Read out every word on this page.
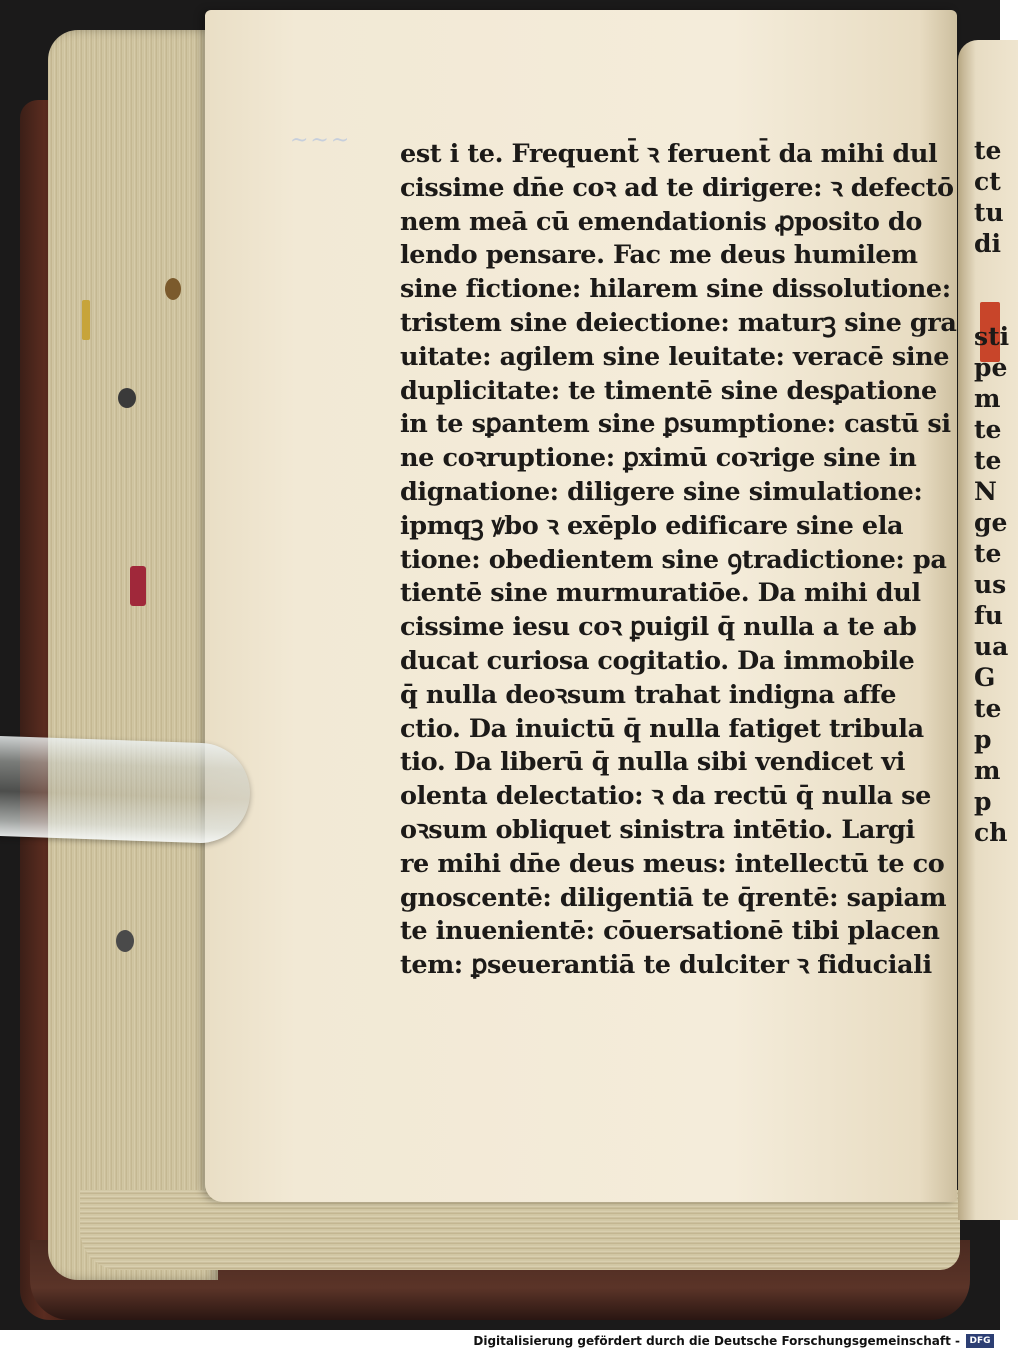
te
ct
tu
di
sti
pe
m
te
te
N
ge
te
us
fu
ua
G
te
p
m
p
ch
~~~ est i te. Frequent̄ ꝛ feruent̄ da mihi dul
cissime dn̄e coꝛ ad te dirigere: ꝛ defectō
nem meā cū emendationis ꝓposito do
lendo pensare. Fac me deus humilem
sine fictione: hilarem sine dissolutione:
tristem sine deiectione: maturꝫ sine gra
uitate: agilem sine leuitate: veracē sine
duplicitate: te timentē sine desꝑatione
in te sꝑantem sine ꝑsumptione: castū si
ne coꝛruptione: ꝑximū coꝛrige sine in
dignatione: diligere sine simulatione:
ipmqꝫ ꝟbo ꝛ exēplo edificare sine ela
tione: obedientem sine ꝯtradictione: pa
tientē sine murmuratiōe. Da mihi dul
cissime iesu coꝛ ꝑuigil q̄ nulla a te ab
ducat curiosa cogitatio. Da immobile
q̄ nulla deoꝛsum trahat indigna affe
ctio. Da inuictū q̄ nulla fatiget tribula
tio. Da liberū q̄ nulla sibi vendicet vi
olenta delectatio: ꝛ da rectū q̄ nulla se
oꝛsum obliquet sinistra intētio. Largi
re mihi dn̄e deus meus: intellectū te co
gnoscentē: diligentiā te q̄rentē: sapiam
te inuenientē: cōuersationē tibi placen
tem: ꝑseuerantiā te dulciter ꝛ fiduciali
Digitalisierung gefördert durch die Deutsche Forschungsgemeinschaft -	DFG
